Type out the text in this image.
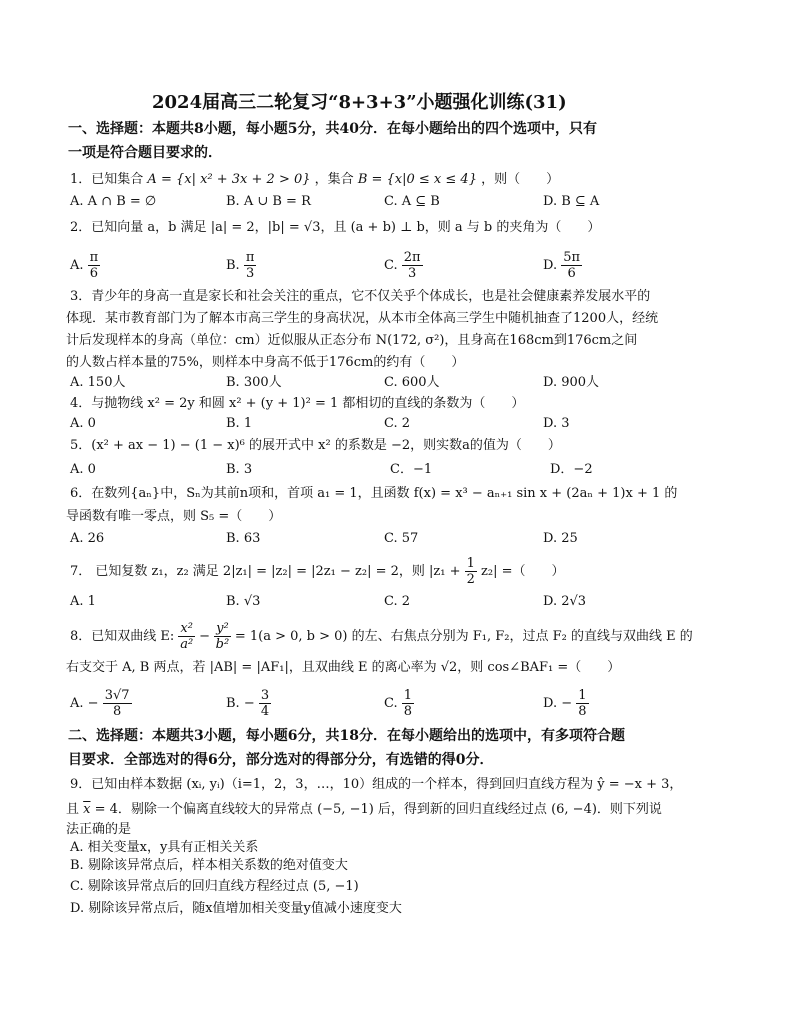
2024届高三二轮复习“8+3+3”小题强化训练(31)
一、选择题：本题共8小题，每小题5分，共40分．在每小题给出的四个选项中，只有
一项是符合题目要求的．
1．已知集合 A = {x| x² + 3x + 2 > 0} ，集合 B = {x|0 ≤ x ≤ 4} ，则（　　）
A. A ∩ B = ∅	B. A ∪ B = R	C. A ⊆ B	D. B ⊆ A
2．已知向量 a，b 满足 |a| = 2，|b| = √3，且 (a + b) ⊥ b，则 a 与 b 的夹角为（　　）
A. $\frac{\pi}{6}$	B. $\frac{\pi}{3}$	C. $\frac{2\pi}{3}$	D. $\frac{5\pi}{6}$
3．青少年的身高一直是家长和社会关注的重点，它不仅关乎个体成长，也是社会健康素养发展水平的
体现．某市教育部门为了解本市高三学生的身高状况，从本市全体高三学生中随机抽查了1200人，经统
计后发现样本的身高（单位：cm）近似服从正态分布 N(172, σ²)，且身高在168cm到176cm之间
的人数占样本量的75%，则样本中身高不低于176cm的约有（　　）
A. 150人	B. 300人	C. 600人	D. 900人
4．与抛物线 x² = 2y 和圆 x² + (y + 1)² = 1 都相切的直线的条数为（　　）
A. 0	B. 1	C. 2	D. 3
5．(x² + ax − 1) − (1 − x)⁶ 的展开式中 x² 的系数是 −2，则实数a的值为（　　）
A. 0	B. 3	C．−1	D．−2
6．在数列{aₙ}中，Sₙ为其前n项和，首项 a₁ = 1，且函数 f(x) = x³ − aₙ₊₁ sin x + (2aₙ + 1)x + 1 的
导函数有唯一零点，则 S₅ =（　　）
A. 26	B. 63	C. 57	D. 25
7． 已知复数 z₁，z₂ 满足 2|z₁| = |z₂| = |2z₁ − z₂| = 2，则 $|z_1 + \frac{1}{2} z_2|$ =（　　）
A. 1	B. √3	C. 2	D. 2√3
8．已知双曲线 E: $\frac{\text{x²}}{\text{a²}} - \frac{\text{y²}}{\text{b²}} = 1(a > 0$, b > 0) 的左、右焦点分别为 F₁, F₂，过点 F₂ 的直线与双曲线 E 的
右支交于 A, B 两点，若 |AB| = |AF₁|，且双曲线 E 的离心率为 √2，则 cos∠BAF₁ =（　　）
A. − $\frac{3√7}{8}$	B. − $\frac{3}{4}$	C. $\frac{1}{8}$	D. − $\frac{1}{8}$
二、选择题：本题共3小题，每小题6分，共18分．在每小题给出的选项中，有多项符合题
目要求．全部选对的得6分，部分选对的得部分分，有选错的得0分．
9．已知由样本数据 (xᵢ, yᵢ)（i=1，2，3，…，10）组成的一个样本，得到回归直线方程为 ŷ = −x + 3，
且 $\overline{x} = 4$．剔除一个偏离直线较大的异常点 (−5, −1) 后，得到新的回归直线经过点 (6, −4)．则下列说
法正确的是
A. 相关变量x，y具有正相关关系
B. 剔除该异常点后，样本相关系数的绝对值变大
C. 剔除该异常点后的回归直线方程经过点 (5, −1)
D. 剔除该异常点后，随x值增加相关变量y值减小速度变大
